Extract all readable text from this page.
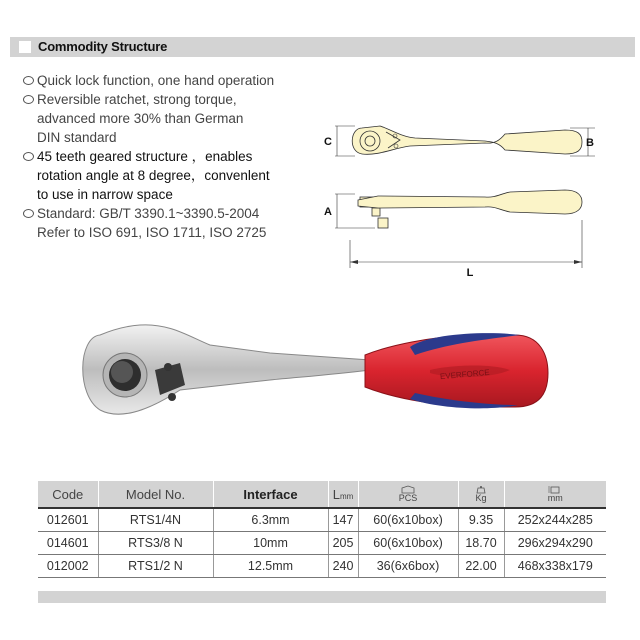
Commodity Structure
Quick lock function, one hand operation
Reversible ratchet, strong torque,
advanced more 30% than German
DIN standard
45 teeth geared structure ，enables
rotation angle at 8 degree，convenlent
to use in narrow space
Standard: GB/T 3390.1~3390.5-2004
Refer to ISO 691, ISO 1711, ISO 2725
C	B
A
L
EVERFORCE
Code	Model No.	Interface	Lmm	PCS	Kg	mm

012601	RTS1/4N	6.3mm	147	60(6x10box)	9.35	252x244x285
014601	RTS3/8 N	10mm	205	60(6x10box)	18.70	296x294x290
012002	RTS1/2 N	12.5mm	240	36(6x6box)	22.00	468x338x179
